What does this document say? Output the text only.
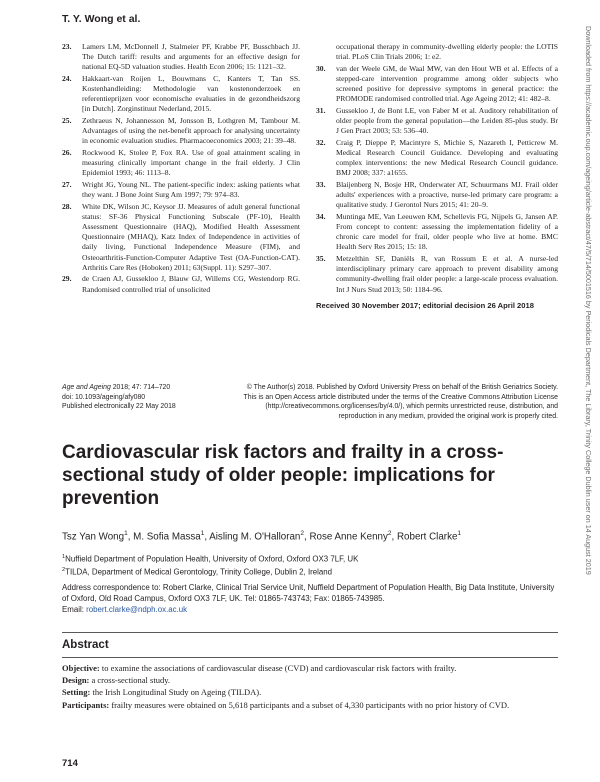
T. Y. Wong et al.
23. Lamers LM, McDonnell J, Stalmeier PF, Krabbe PF, Busschbach JJ. The Dutch tariff: results and arguments for an effective design for national EQ-5D valuation studies. Health Econ 2006; 15: 1121–32.
24. Hakkaart-van Roijen L, Bouwmans C, Kanters T, Tan SS. Kostenhandleiding: Methodologie van kostenonderzoek en referentieprijzen voor economische evaluaties in de gezondheidszorg [in Dutch]. Zorginstituut Nederland, 2015.
25. Zethraeus N, Johannesson M, Jonsson B, Lothgren M, Tambour M. Advantages of using the net-benefit approach for analysing uncertainty in economic evaluation studies. Pharmacoeconomics 2003; 21: 39–48.
26. Rockwood K, Stolee P, Fox RA. Use of goal attainment scaling in measuring clinically important change in the frail elderly. J Clin Epidemiol 1993; 46: 1113–8.
27. Wright JG, Young NL. The patient-specific index: asking patients what they want. J Bone Joint Surg Am 1997; 79: 974–83.
28. White DK, Wilson JC, Keysor JJ. Measures of adult general functional status: SF-36 Physical Functioning Subscale (PF-10), Health Assessment Questionnaire (HAQ), Modified Health Assessment Questionnaire (MHAQ), Katz Index of Independence in activities of daily living, Functional Independence Measure (FIM), and Osteoarthritis-Function-Computer Adaptive Test (OA-Function-CAT). Arthritis Care Res (Hoboken) 2011; 63(Suppl. 11): S297–307.
29. de Craen AJ, Gussekloo J, Blauw GJ, Willems CG, Westendorp RG. Randomised controlled trial of unsolicited
occupational therapy in community-dwelling elderly people: the LOTIS trial. PLoS Clin Trials 2006; 1: e2.
30. van der Weele GM, de Waal MW, van den Hout WB et al. Effects of a stepped-care intervention programme among older subjects who screened positive for depressive symptoms in general practice: the PROMODE randomised controlled trial. Age Ageing 2012; 41: 482–8.
31. Gussekloo J, de Bont LE, von Faber M et al. Auditory rehabilitation of older people from the general population—the Leiden 85-plus study. Br J Gen Pract 2003; 53: 536–40.
32. Craig P, Dieppe P, Macintyre S, Michie S, Nazareth I, Petticrew M. Medical Research Council Guidance. Developing and evaluating complex interventions: the new Medical Research Council guidance. BMJ 2008; 337: a1655.
33. Blaijenberg N, Bosje HR, Onderwater AT, Schuurmans MJ. Frail older adults' experiences with a proactive, nurse-led primary care program: a qualitative study. J Gerontol Nurs 2015; 41: 20–9.
34. Muntinga ME, Van Leeuwen KM, Schellevis FG, Nijpels G, Jansen AP. From concept to content: assessing the implementation fidelity of a chronic care model for frail, older people who live at home. BMC Health Serv Res 2015; 15: 18.
35. Metzelthin SF, Daniëls R, van Rossum E et al. A nurse-led interdisciplinary primary care approach to prevent disability among community-dwelling frail older people: a large-scale process evaluation. Int J Nurs Stud 2013; 50: 1184–96.
Received 30 November 2017; editorial decision 26 April 2018	Downloaded from https://academic.oup.com/ageing/article-abstract/47/5/714/5001516 by Periodicals Department, The Library, Trinity College Dublin user on 14 August 2019
Age and Ageing 2018; 47: 714–720
doi: 10.1093/ageing/afy080
Published electronically 22 May 2018
© The Author(s) 2018. Published by Oxford University Press on behalf of the British Geriatrics Society.
This is an Open Access article distributed under the terms of the Creative Commons Attribution License
(http://creativecommons.org/licenses/by/4.0/), which permits unrestricted reuse, distribution, and
reproduction in any medium, provided the original work is properly cited.
Cardiovascular risk factors and frailty in a cross-sectional study of older people: implications for prevention
Tsz Yan Wong$^1$, M. Sofia Massa$^1$, Aisling M. O'Halloran$^2$, Rose Anne Kenny$^2$, Robert Clarke$^1$
$^1$Nuffield Department of Population Health, University of Oxford, Oxford OX3 7LF, UK
$^2$TILDA, Department of Medical Gerontology, Trinity College, Dublin 2, Ireland
Address correspondence to: Robert Clarke, Clinical Trial Service Unit, Nuffield Department of Population Health, Big Data Institute, University of Oxford, Old Road Campus, Oxford OX3 7LF, UK. Tel: 01865-743743; Fax: 01865-743985.
Email: robert.clarke@ndph.ox.ac.uk
Abstract

Objective: to examine the associations of cardiovascular disease (CVD) and cardiovascular risk factors with frailty.

Design: a cross-sectional study.

Setting: the Irish Longitudinal Study on Ageing (TILDA).

Participants: frailty measures were obtained on 5,618 participants and a subset of 4,330 participants with no prior history of CVD.

714
